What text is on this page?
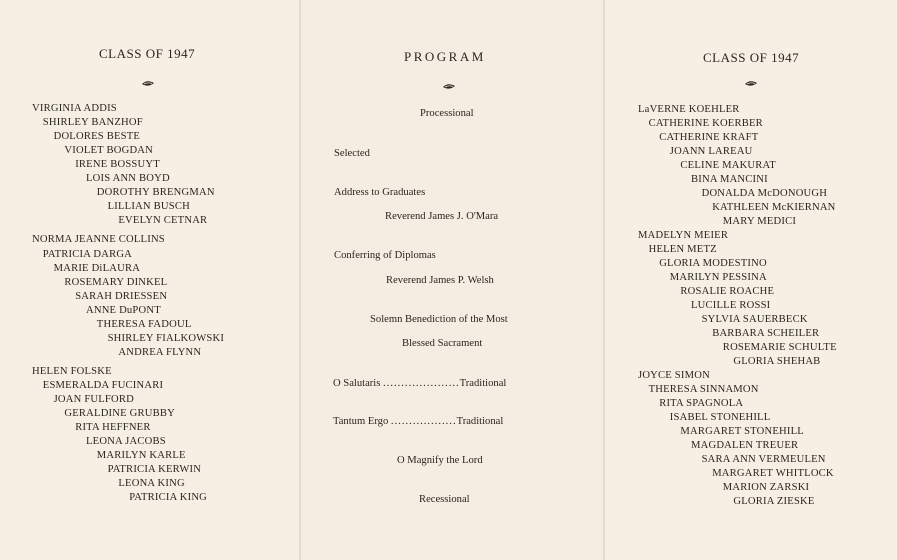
CLASS OF 1947
VIRGINIA ADDIS
SHIRLEY BANZHOF
DOLORES BESTE
VIOLET BOGDAN
IRENE BOSSUYT
LOIS ANN BOYD
DOROTHY BRENGMAN
LILLIAN BUSCH
EVELYN CETNAR
NORMA JEANNE COLLINS
PATRICIA DARGA
MARIE DiLAURA
ROSEMARY DINKEL
SARAH DRIESSEN
ANNE DuPONT
THERESA FADOUL
SHIRLEY FIALKOWSKI
ANDREA FLYNN
HELEN FOLSKE
ESMERALDA FUCINARI
JOAN FULFORD
GERALDINE GRUBBY
RITA HEFFNER
LEONA JACOBS
MARILYN KARLE
PATRICIA KERWIN
LEONA KING
PATRICIA KING
PROGRAM
Processional
Selected
Address to Graduates
Reverend James J. O'Mara
Conferring of Diplomas
Reverend James P. Welsh
Solemn Benediction of the Most
Blessed Sacrament
O Salutaris .....................Traditional
Tantum Ergo ..................Traditional
O Magnify the Lord
Recessional
CLASS OF 1947
LaVERNE KOEHLER
CATHERINE KOERBER
CATHERINE KRAFT
JOANN LAREAU
CELINE MAKURAT
BINA MANCINI
DONALDA McDONOUGH
KATHLEEN McKIERNAN
MARY MEDICI
MADELYN MEIER
HELEN METZ
GLORIA MODESTINO
MARILYN PESSINA
ROSALIE ROACHE
LUCILLE ROSSI
SYLVIA SAUERBECK
BARBARA SCHEILER
ROSEMARIE SCHULTE
GLORIA SHEHAB
JOYCE SIMON
THERESA SINNAMON
RITA SPAGNOLA
ISABEL STONEHILL
MARGARET STONEHILL
MAGDALEN TREUER
SARA ANN VERMEULEN
MARGARET WHITLOCK
MARION ZARSKI
GLORIA ZIESKE
